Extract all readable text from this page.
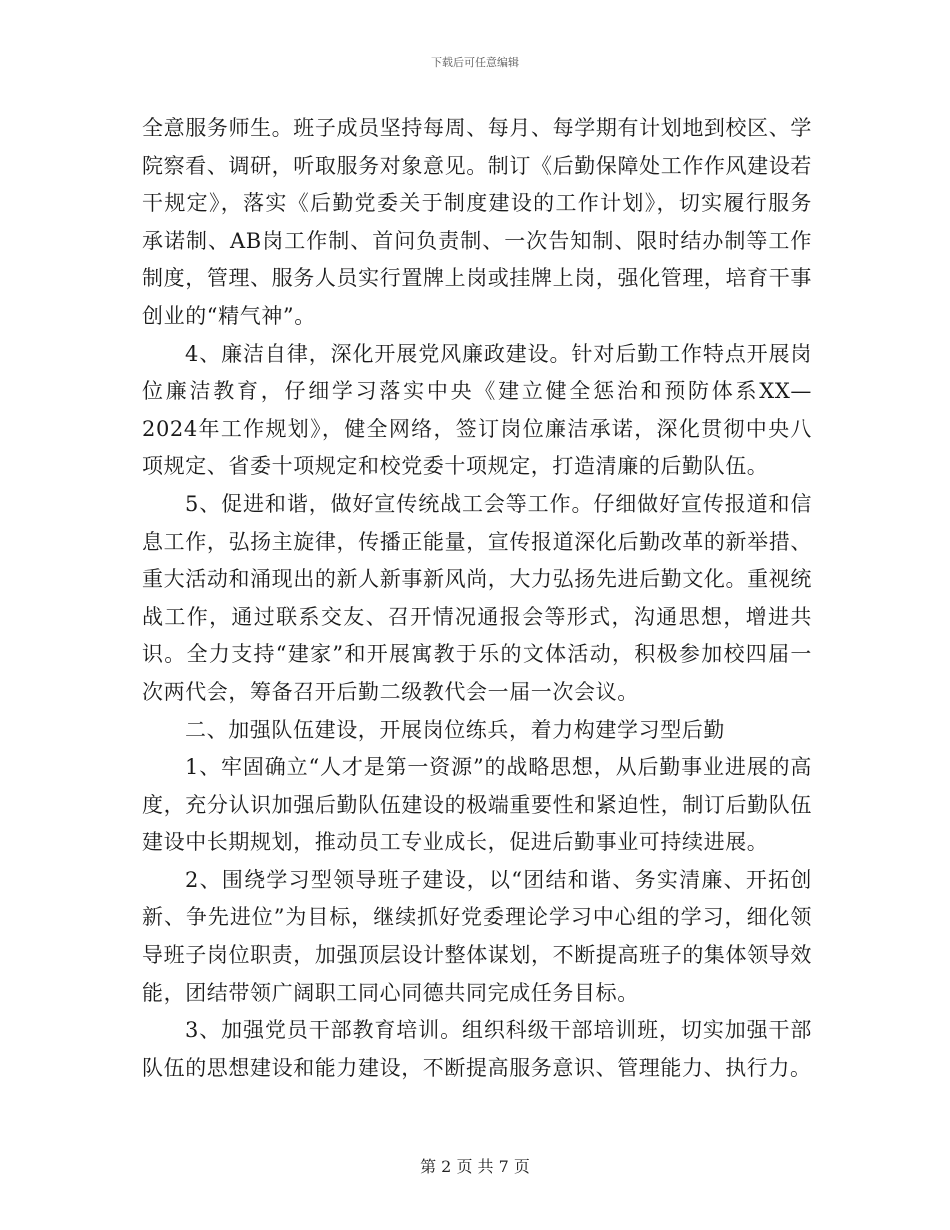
下载后可任意编辑

全意服务师生。班子成员坚持每周、每月、每学期有计划地到校区、学院察看、调研，听取服务对象意见。制订《后勤保障处工作作风建设若干规定》，落实《后勤党委关于制度建设的工作计划》，切实履行服务承诺制、AB岗工作制、首问负责制、一次告知制、限时结办制等工作制度，管理、服务人员实行置牌上岗或挂牌上岗，强化管理，培育干事创业的“精气神”。

4、廉洁自律，深化开展党风廉政建设。针对后勤工作特点开展岗位廉洁教育，仔细学习落实中央《建立健全惩治和预防体系XX—2024年工作规划》，健全网络，签订岗位廉洁承诺，深化贯彻中央八项规定、省委十项规定和校党委十项规定，打造清廉的后勤队伍。

5、促进和谐，做好宣传统战工会等工作。仔细做好宣传报道和信息工作，弘扬主旋律，传播正能量，宣传报道深化后勤改革的新举措、重大活动和涌现出的新人新事新风尚，大力弘扬先进后勤文化。重视统战工作，通过联系交友、召开情况通报会等形式，沟通思想，增进共识。全力支持“建家”和开展寓教于乐的文体活动，积极参加校四届一次两代会，筹备召开后勤二级教代会一届一次会议。

二、加强队伍建设，开展岗位练兵，着力构建学习型后勤

1、牢固确立“人才是第一资源”的战略思想，从后勤事业进展的高度，充分认识加强后勤队伍建设的极端重要性和紧迫性，制订后勤队伍建设中长期规划，推动员工专业成长，促进后勤事业可持续进展。

2、围绕学习型领导班子建设，以“团结和谐、务实清廉、开拓创新、争先进位”为目标，继续抓好党委理论学习中心组的学习，细化领导班子岗位职责，加强顶层设计整体谋划，不断提高班子的集体领导效能，团结带领广阔职工同心同德共同完成任务目标。

3、加强党员干部教育培训。组织科级干部培训班，切实加强干部队伍的思想建设和能力建设，不断提高服务意识、管理能力、执行力。

第 2 页 共 7 页
